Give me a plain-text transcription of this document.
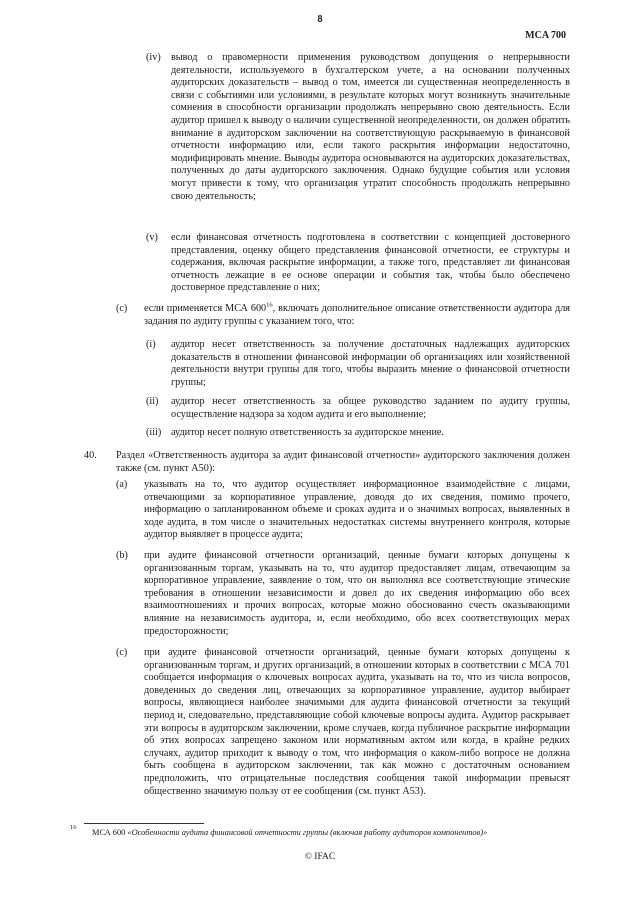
8
MCA 700
(iv) вывод о правомерности применения руководством допущения о непрерывности деятельности, используемого в бухгалтерском учете, а на основании полученных аудиторских доказательств – вывод о том, имеется ли существенная неопределенность в связи с событиями или условиями, в результате которых могут возникнуть значительные сомнения в способности организации продолжать непрерывно свою деятельность. Если аудитор пришел к выводу о наличии существенной неопределенности, он должен обратить внимание в аудиторском заключении на соответствующую раскрываемую в финансовой отчетности информацию или, если такого раскрытия информации недостаточно, модифицировать мнение. Выводы аудитора основываются на аудиторских доказательствах, полученных до даты аудиторского заключения. Однако будущие события или условия могут привести к тому, что организация утратит способность продолжать непрерывно свою деятельность;
(v) если финансовая отчетность подготовлена в соответствии с концепцией достоверного представления, оценку общего представления финансовой отчетности, ее структуры и содержания, включая раскрытие информации, а также того, представляет ли финансовая отчетность лежащие в ее основе операции и события так, чтобы было обеспечено достоверное представление о них;
(c) если применяется МСА $600^{16}$, включать дополнительное описание ответственности аудитора для задания по аудиту группы с указанием того, что:
(i) аудитор несет ответственность за получение достаточных надлежащих аудиторских доказательств в отношении финансовой информации об организациях или хозяйственной деятельности внутри группы для того, чтобы выразить мнение о финансовой отчетности группы;
(ii) аудитор несет ответственность за общее руководство заданием по аудиту группы, осуществление надзора за ходом аудита и его выполнение;
(iii) аудитор несет полную ответственность за аудиторское мнение.
40. Раздел «Ответственность аудитора за аудит финансовой отчетности» аудиторского заключения должен также (см. пункт A50):
(a) указывать на то, что аудитор осуществляет информационное взаимодействие с лицами, отвечающими за корпоративное управление, доводя до их сведения, помимо прочего, информацию о запланированном объеме и сроках аудита и о значимых вопросах, выявленных в ходе аудита, в том числе о значительных недостатках системы внутреннего контроля, которые аудитор выявляет в процессе аудита;
(b) при аудите финансовой отчетности организаций, ценные бумаги которых допущены к организованным торгам, указывать на то, что аудитор предоставляет лицам, отвечающим за корпоративное управление, заявление о том, что он выполнял все соответствующие этические требования в отношении независимости и довел до их сведения информацию обо всех взаимоотношениях и прочих вопросах, которые можно обоснованно счесть оказывающими влияние на независимость аудитора, и, если необходимо, обо всех соответствующих мерах предосторожности;
(c) при аудите финансовой отчетности организаций, ценные бумаги которых допущены к организованным торгам, и других организаций, в отношении которых в соответствии с МСА 701 сообщается информация о ключевых вопросах аудита, указывать на то, что из числа вопросов, доведенных до сведения лиц, отвечающих за корпоративное управление, аудитор выбирает вопросы, являющиеся наиболее значимыми для аудита финансовой отчетности за текущий период и, следовательно, представляющие собой ключевые вопросы аудита. Аудитор раскрывает эти вопросы в аудиторском заключении, кроме случаев, когда публичное раскрытие информации об этих вопросах запрещено законом или нормативным актом или когда, в крайне редких случаях, аудитор приходит к выводу о том, что информация о каком-либо вопросе не должна быть сообщена в аудиторском заключении, так как можно с достаточным основанием предположить, что отрицательные последствия сообщения такой информации превысят общественно значимую пользу от ее сообщения (см. пункт A53).
16
МСА 600 «Особенности аудита финансовой отчетности группы (включая работу аудиторов компонентов)»
© IFAC
